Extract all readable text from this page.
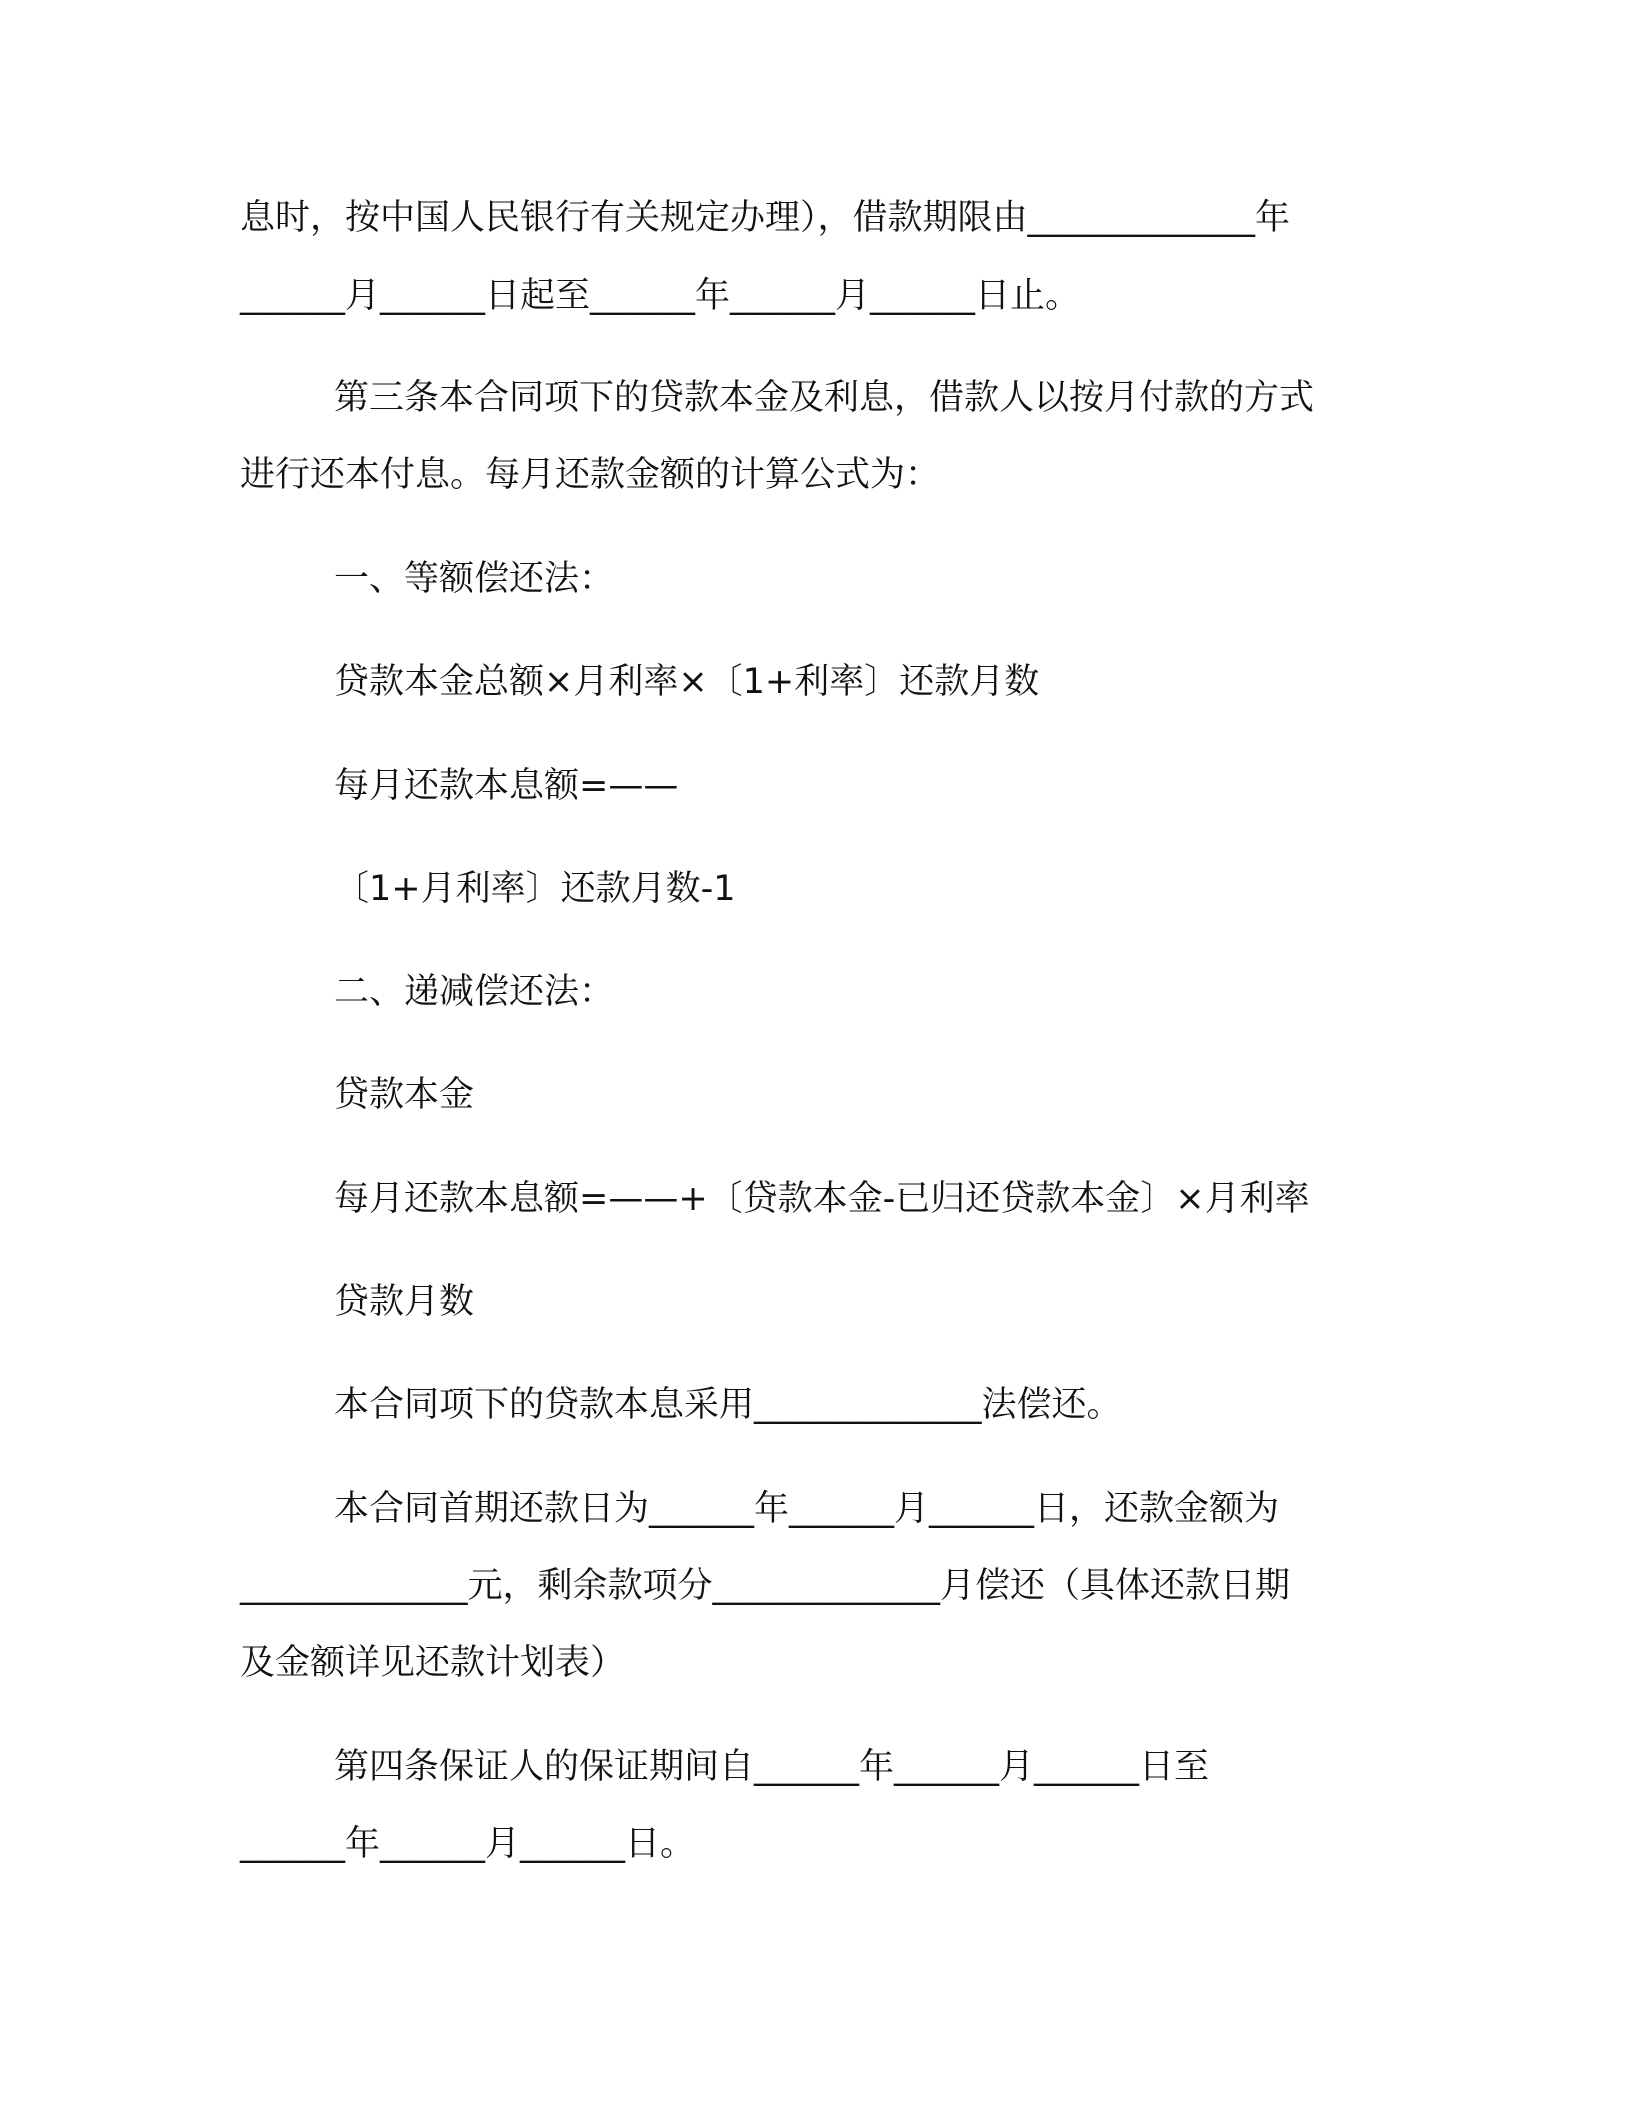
息时，按中国人民银行有关规定办理），借款期限由_____________年
______月______日起至______年______月______日止。
第三条本合同项下的贷款本金及利息，借款人以按月付款的方式
进行还本付息。每月还款金额的计算公式为：
一、等额偿还法：
贷款本金总额×月利率×〔1+利率〕还款月数
每月还款本息额=——
〔1+月利率〕还款月数-1
二、递减偿还法：
贷款本金
每月还款本息额=——+〔贷款本金-已归还贷款本金〕×月利率
贷款月数
本合同项下的贷款本息采用_____________法偿还。
本合同首期还款日为______年______月______日，还款金额为
_____________元，剩余款项分_____________月偿还（具体还款日期
及金额详见还款计划表）
第四条保证人的保证期间自______年______月______日至
______年______月______日。
